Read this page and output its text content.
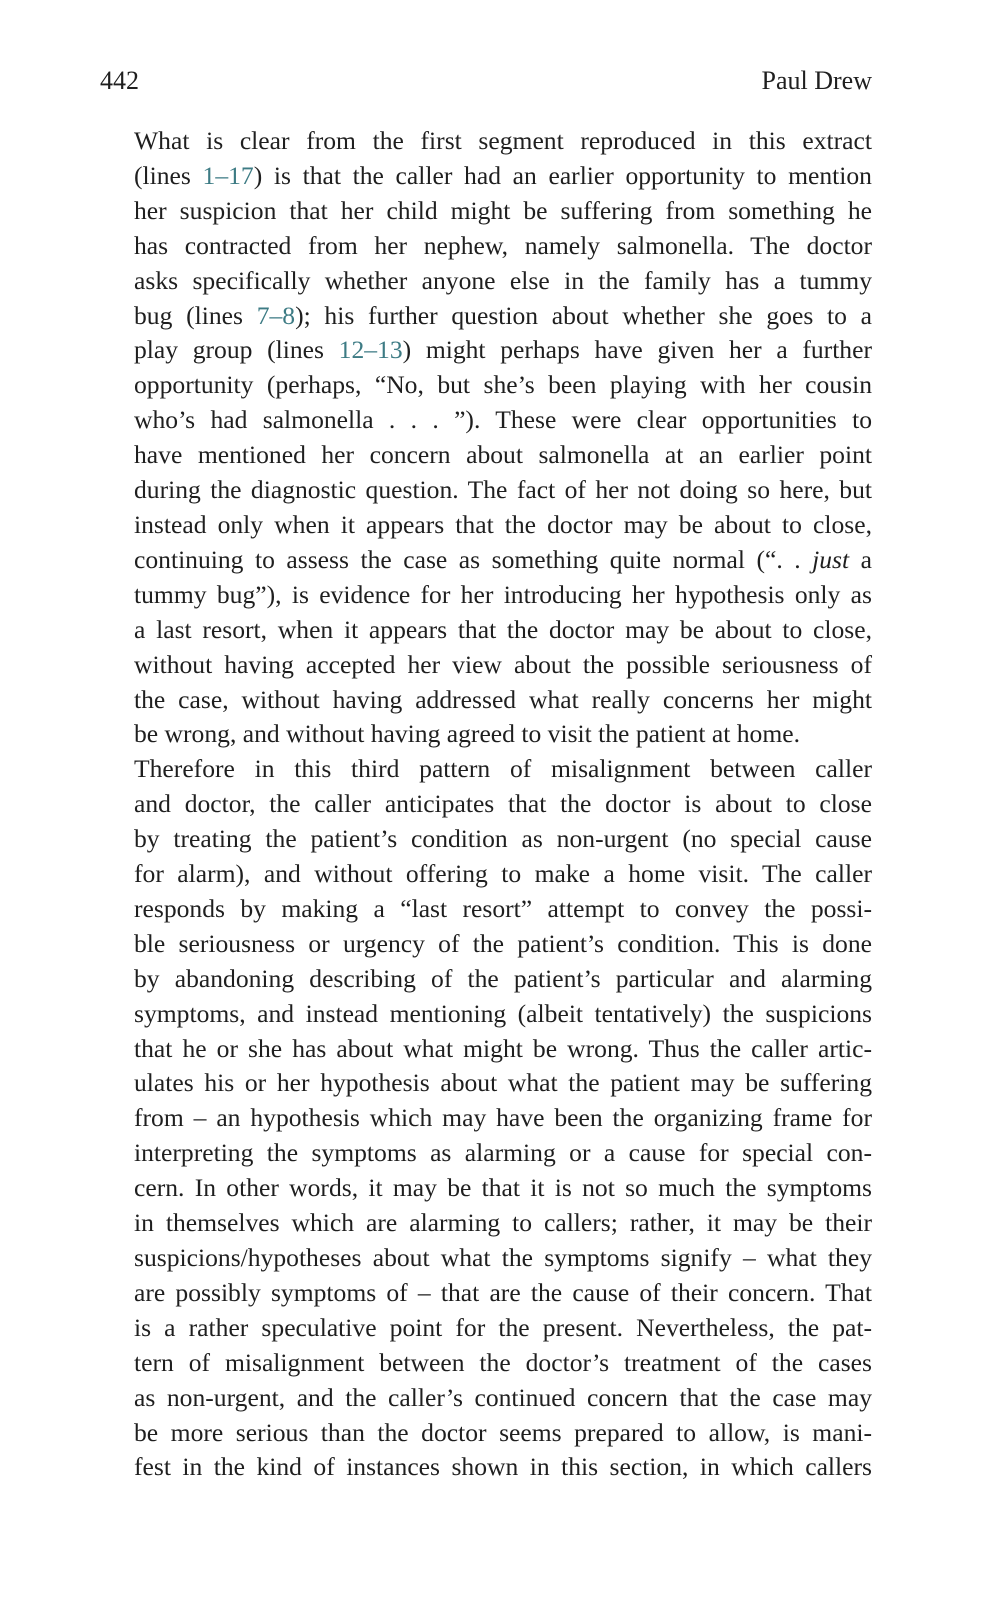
442	Paul Drew

What is clear from the first segment reproduced in this extract
(lines 1–17) is that the caller had an earlier opportunity to mention
her suspicion that her child might be suffering from something he
has contracted from her nephew, namely salmonella. The doctor
asks specifically whether anyone else in the family has a tummy
bug (lines 7–8); his further question about whether she goes to a
play group (lines 12–13) might perhaps have given her a further
opportunity (perhaps, “No, but she’s been playing with her cousin
who’s had salmonella . . . ”). These were clear opportunities to
have mentioned her concern about salmonella at an earlier point
during the diagnostic question. The fact of her not doing so here, but
instead only when it appears that the doctor may be about to close,
continuing to assess the case as something quite normal (“. . just a
tummy bug”), is evidence for her introducing her hypothesis only as
a last resort, when it appears that the doctor may be about to close,
without having accepted her view about the possible seriousness of
the case, without having addressed what really concerns her might
be wrong, and without having agreed to visit the patient at home.

Therefore in this third pattern of misalignment between caller
and doctor, the caller anticipates that the doctor is about to close
by treating the patient’s condition as non-urgent (no special cause
for alarm), and without offering to make a home visit. The caller
responds by making a “last resort” attempt to convey the possi-
ble seriousness or urgency of the patient’s condition. This is done
by abandoning describing of the patient’s particular and alarming
symptoms, and instead mentioning (albeit tentatively) the suspicions
that he or she has about what might be wrong. Thus the caller artic-
ulates his or her hypothesis about what the patient may be suffering
from – an hypothesis which may have been the organizing frame for
interpreting the symptoms as alarming or a cause for special con-
cern. In other words, it may be that it is not so much the symptoms
in themselves which are alarming to callers; rather, it may be their
suspicions/hypotheses about what the symptoms signify – what they
are possibly symptoms of – that are the cause of their concern. That
is a rather speculative point for the present. Nevertheless, the pat-
tern of misalignment between the doctor’s treatment of the cases
as non-urgent, and the caller’s continued concern that the case may
be more serious than the doctor seems prepared to allow, is mani-
fest in the kind of instances shown in this section, in which callers
